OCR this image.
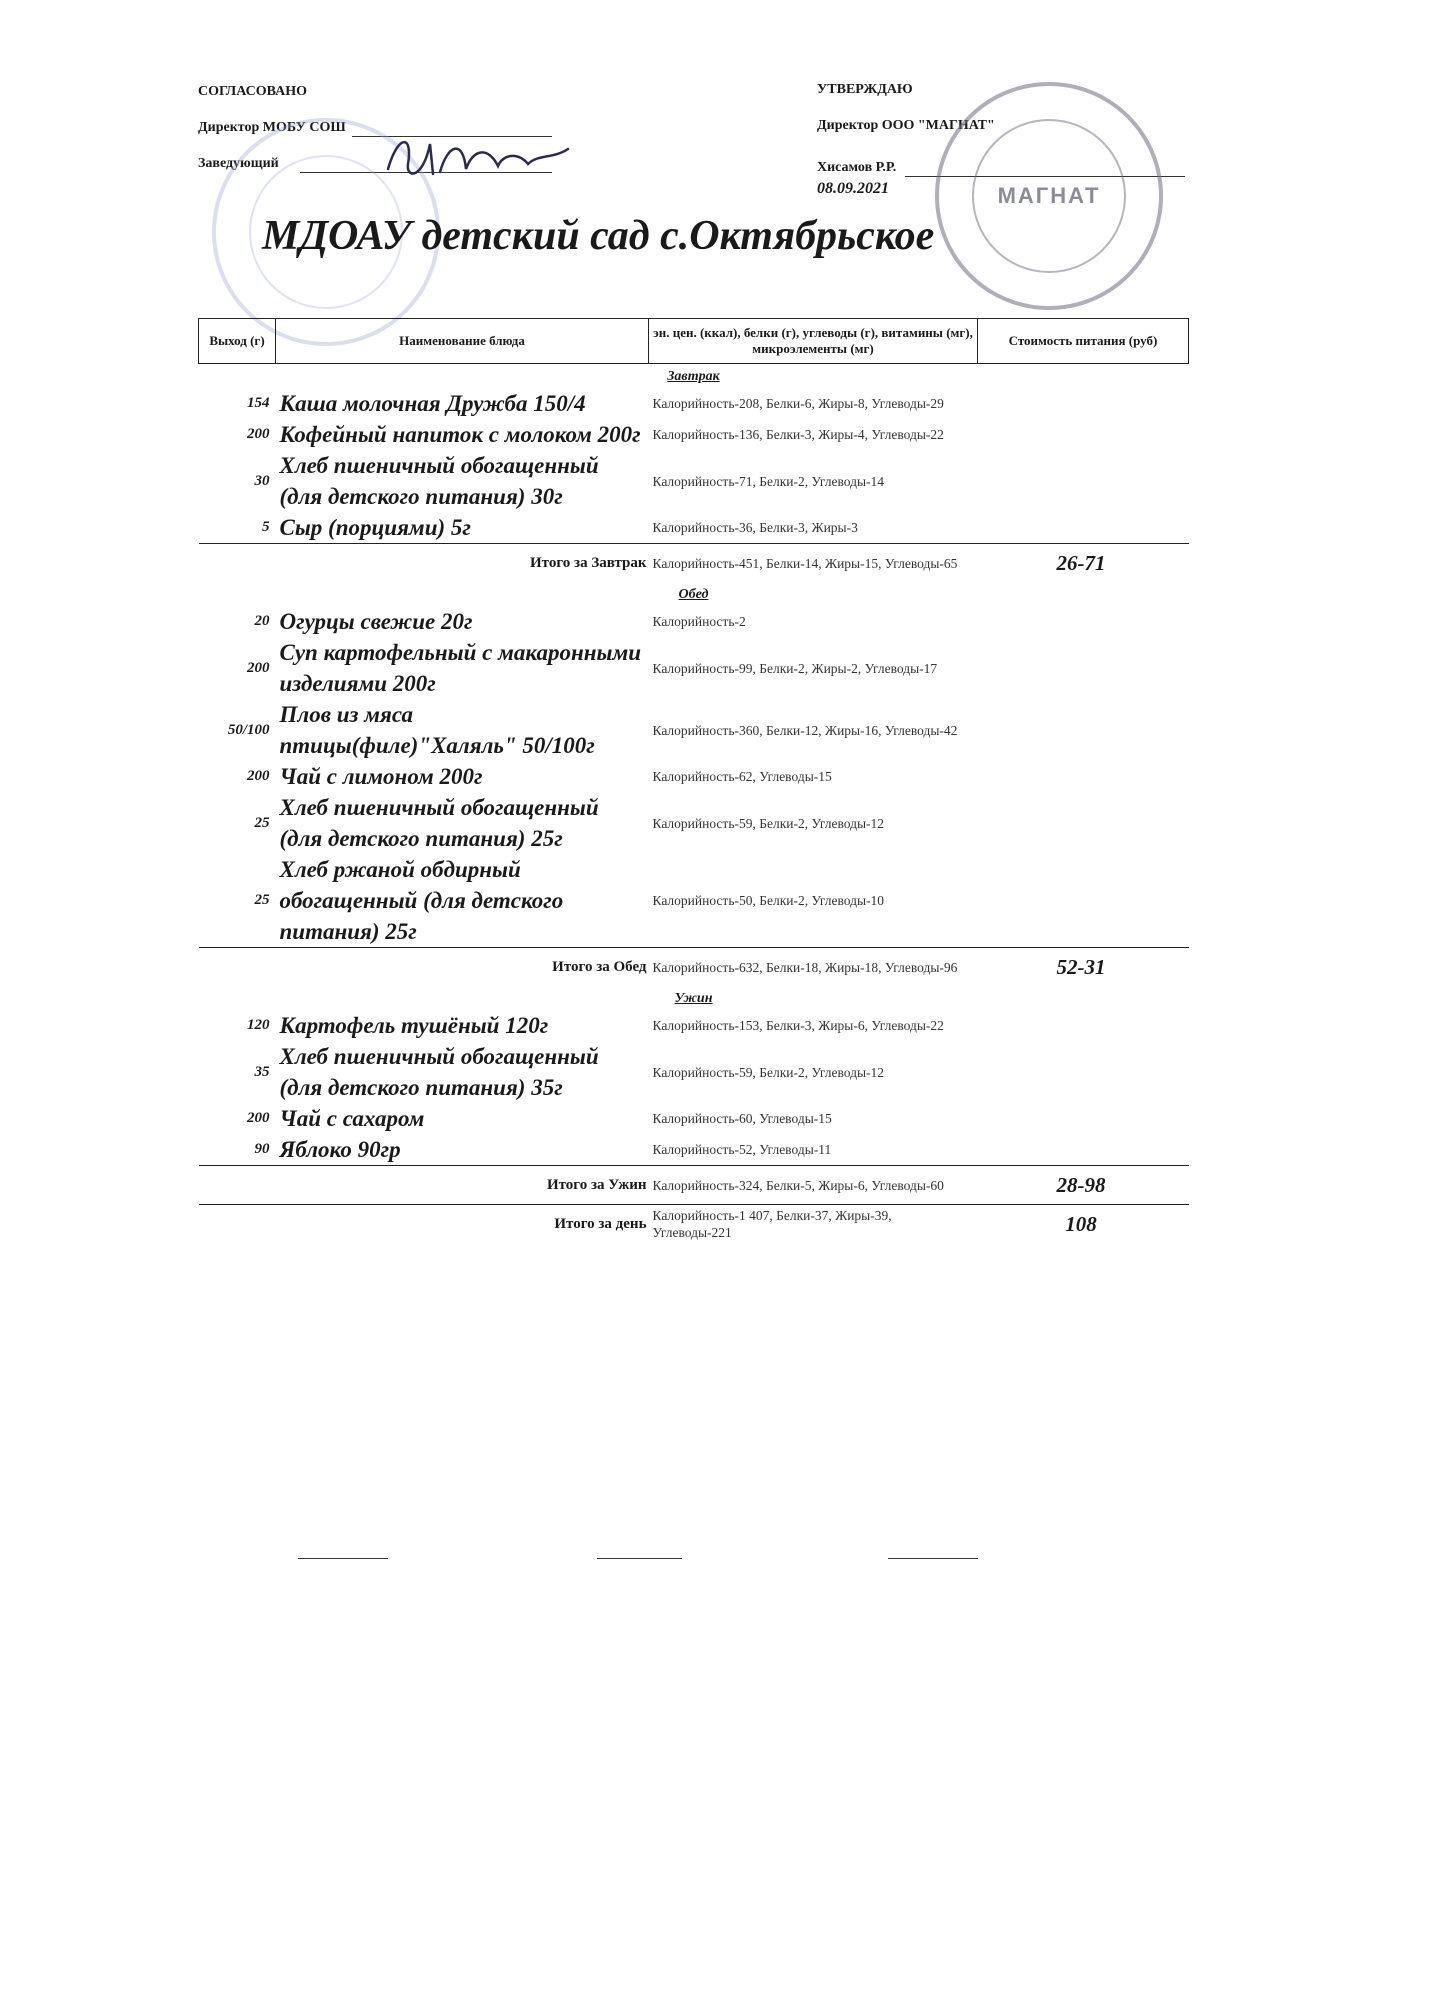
СОГЛАСОВАНО
Директор МОБУ СОШ
Заведующий
УТВЕРЖДАЮ
Директор ООО "МАГНАТ"
Хисамов Р.Р.
08.09.2021	МАГНАТ
МДОАУ детский сад с.Октябрьское
Выход (г)	Наименование блюда	эн. цен. (ккал), белки (г), углеводы (г), витамины (мг), микроэлементы (мг)	Стоимость питания (руб)
Завтрак			
154	Каша молочная Дружба 150/4	Калорийность-208, Белки-6, Жиры-8, Углеводы-29	
200	Кофейный напиток с молоком 200г	Калорийность-136, Белки-3, Жиры-4, Углеводы-22	
30	Хлеб пшеничный обогащенный (для детского питания) 30г	Калорийность-71, Белки-2, Углеводы-14	
5	Сыр (порциями) 5г	Калорийность-36, Белки-3, Жиры-3	
	Итого за Завтрак	Калорийность-451, Белки-14, Жиры-15, Углеводы-65	26-71
Обед			
20	Огурцы свежие 20г	Калорийность-2	
200	Суп картофельный с макаронными изделиями 200г	Калорийность-99, Белки-2, Жиры-2, Углеводы-17	
50/100	Плов из мяса птицы(филе)"Халяль" 50/100г	Калорийность-360, Белки-12, Жиры-16, Углеводы-42	
200	Чай с лимоном 200г	Калорийность-62, Углеводы-15	
25	Хлеб пшеничный обогащенный (для детского питания) 25г	Калорийность-59, Белки-2, Углеводы-12	
25	Хлеб ржаной обдирный обогащенный (для детского питания) 25г	Калорийность-50, Белки-2, Углеводы-10	
	Итого за Обед	Калорийность-632, Белки-18, Жиры-18, Углеводы-96	52-31
Ужин			
120	Картофель тушёный 120г	Калорийность-153, Белки-3, Жиры-6, Углеводы-22	
35	Хлеб пшеничный обогащенный (для детского питания) 35г	Калорийность-59, Белки-2, Углеводы-12	
200	Чай с сахаром	Калорийность-60, Углеводы-15	
90	Яблоко 90гр	Калорийность-52, Углеводы-11	
	Итого за Ужин	Калорийность-324, Белки-5, Жиры-6, Углеводы-60	28-98
	Итого за день	Калорийность-1 407, Белки-37, Жиры-39, Углеводы-221	108
